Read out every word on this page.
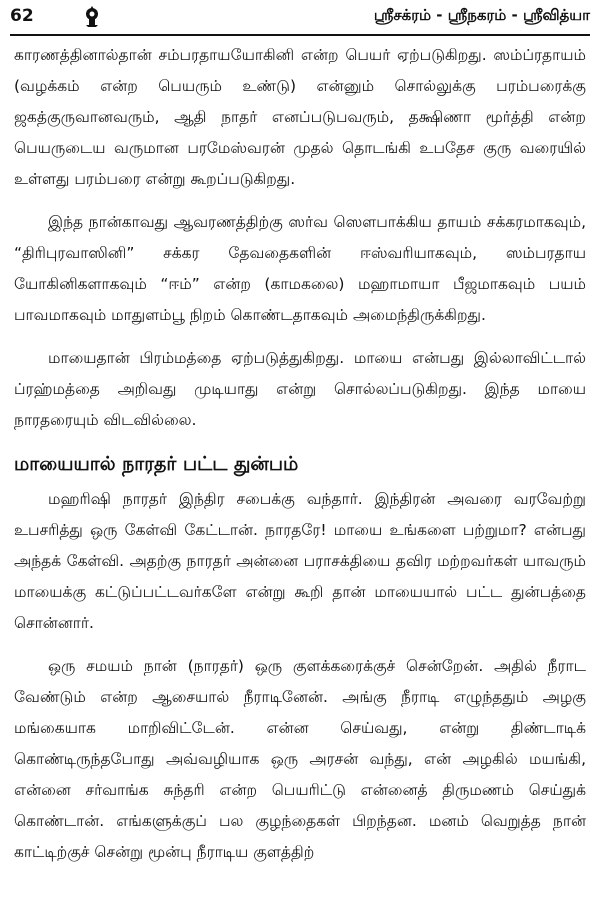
62	ஸ்ரீசக்ரம் - ஸ்ரீநகரம் - ஸ்ரீவித்யா

காரணத்தினால்தான் சம்பரதாயயோகினி என்ற பெயர் ஏற்படுகிறது. ஸம்ப்ரதாயம் (வழக்கம் என்ற பெயரும் உண்டு) என்னும் சொல்லுக்கு பரம்பரைக்கு ஜகத்குருவானவரும், ஆதி நாதர் எனப்படுபவரும், தக்ஷிணா மூர்த்தி என்ற பெயருடைய வருமான பரமேஸ்வரன் முதல் தொடங்கி உபதேச குரு வரையில் உள்ளது பரம்பரை என்று கூறப்படுகிறது.

இந்த நான்காவது ஆவரணத்திற்கு ஸர்வ ஸௌபாக்கிய தாயம் சக்கரமாகவும், “திரிபுரவாஸினி” சக்கர தேவதைகளின் ஈஸ்வரியாகவும், ஸம்பரதாய யோகினிகளாகவும் “ஈம்” என்ற (காமகலை) மஹாமாயா பீஜமாகவும் பயம் பாவமாகவும் மாதுளம்பூ நிறம் கொண்டதாகவும் அமைந்திருக்கிறது.

மாயைதான் பிரம்மத்தை ஏற்படுத்துகிறது. மாயை என்பது இல்லாவிட்டால் ப்ரஹ்மத்தை அறிவது முடியாது என்று சொல்லப்படுகிறது. இந்த மாயை நாரதரையும் விடவில்லை.

மாயையால் நாரதர் பட்ட துன்பம்

மஹரிஷி நாரதர் இந்திர சபைக்கு வந்தார். இந்திரன் அவரை வரவேற்று உபசரித்து ஒரு கேள்வி கேட்டான். நாரதரே! மாயை உங்களை பற்றுமா? என்பது அந்தக் கேள்வி. அதற்கு நாரதர் அன்னை பராசக்தியை தவிர மற்றவர்கள் யாவரும் மாயைக்கு கட்டுப்பட்டவர்களே என்று கூறி தான் மாயையால் பட்ட துன்பத்தை சொன்னார்.

ஒரு சமயம் நான் (நாரதர்) ஒரு குளக்கரைக்குச் சென்றேன். அதில் நீராட வேண்டும் என்ற ஆசையால் நீராடினேன். அங்கு நீராடி எழுந்ததும் அழகு மங்கையாக மாறிவிட்டேன். என்ன செய்வது, என்று திண்டாடிக் கொண்டிருந்தபோது அவ்வழியாக ஒரு அரசன் வந்து, என் அழகில் மயங்கி, என்னை சர்வாங்க சுந்தரி என்ற பெயரிட்டு என்னைத் திருமணம் செய்துக் கொண்டான். எங்களுக்குப் பல குழந்தைகள் பிறந்தன. மனம் வெறுத்த நான் காட்டிற்குச் சென்று மூன்பு நீராடிய குளத்திற்
